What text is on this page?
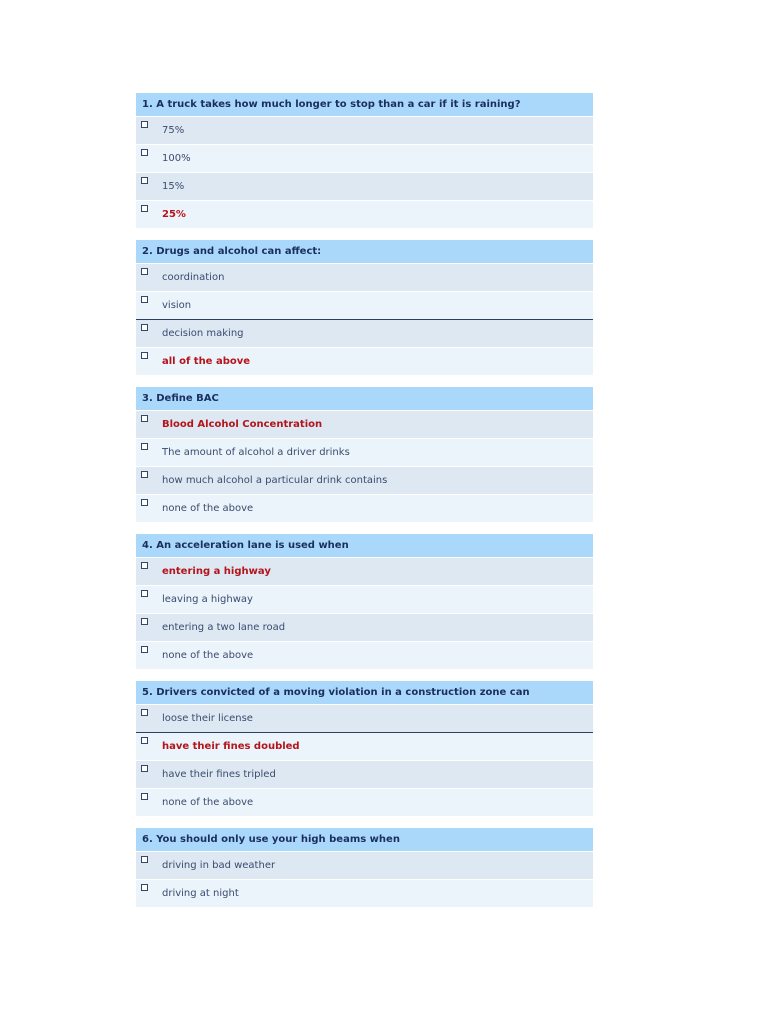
1. A truck takes how much longer to stop than a car if it is raining?
75%
100%
15%
25%
2. Drugs and alcohol can affect:
coordination
vision
decision making
all of the above
3. Define BAC
Blood Alcohol Concentration
The amount of alcohol a driver drinks
how much alcohol a particular drink contains
none of the above
4. An acceleration lane is used when
entering a highway
leaving a highway
entering a two lane road
none of the above
5. Drivers convicted of a moving violation in a construction zone can
loose their license
have their fines doubled
have their fines tripled
none of the above
6. You should only use your high beams when
driving in bad weather
driving at night
